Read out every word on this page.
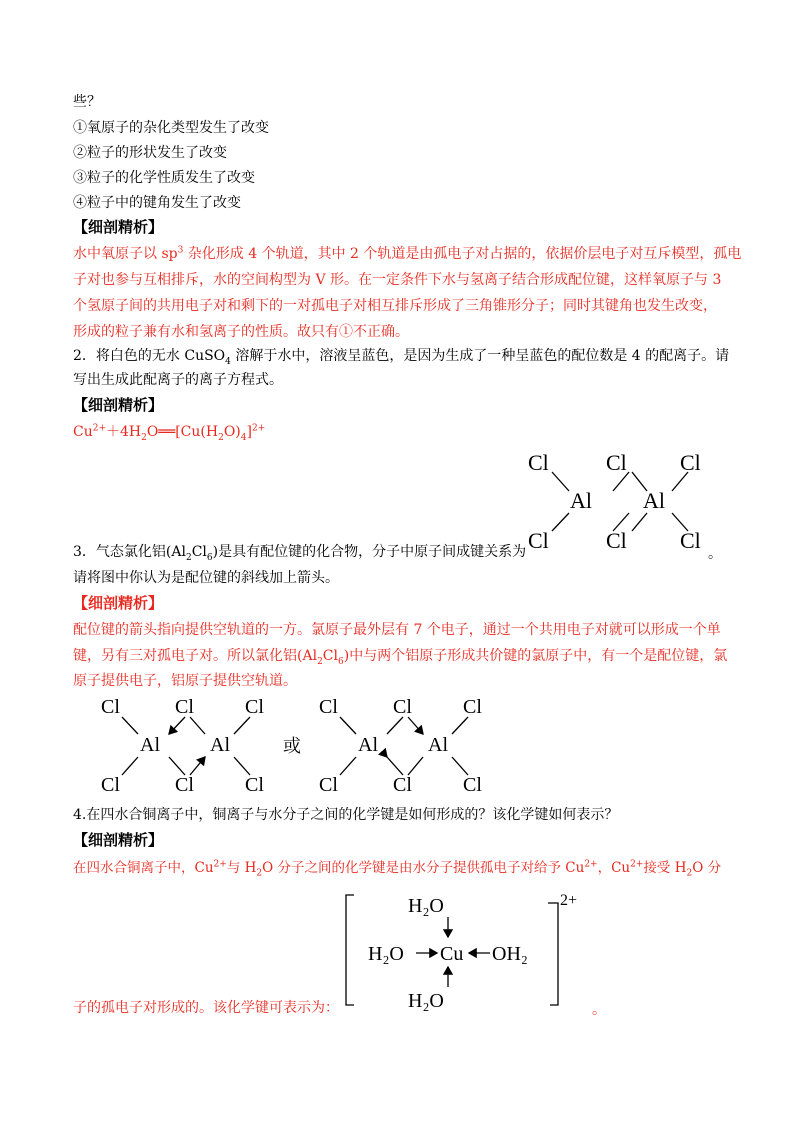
些？
①氧原子的杂化类型发生了改变
②粒子的形状发生了改变
③粒子的化学性质发生了改变
④粒子中的键角发生了改变
【细剖精析】
水中氧原子以 $sp^3$ 杂化形成 4 个轨道，其中 2 个轨道是由孤电子对占据的，依据价层电子对互斥模型，孤电
子对也参与互相排斥，水的空间构型为 V 形。在一定条件下水与氢离子结合形成配位键，这样氧原子与 3
个氢原子间的共用电子对和剩下的一对孤电子对相互排斥形成了三角锥形分子；同时其键角也发生改变，
形成的粒子兼有水和氢离子的性质。故只有①不正确。
2．将白色的无水 CuSO$_4$ 溶解于水中，溶液呈蓝色，是因为生成了一种呈蓝色的配位数是 4 的配离子。请
写出生成此配离子的离子方程式。
【细剖精析】
$Cu^{2+}+4H_2O══[Cu(H_2O)_4]^{2+}$
Cl	Cl Cl
Al Al
Cl	Cl Cl
3．气态氯化铝$(Al_2Cl_6)$是具有配位键的化合物，分子中原子间成键关系为	。
请将图中你认为是配位键的斜线加上箭头。
【细剖精析】
配位键的箭头指向提供空轨道的一方。氯原子最外层有 7 个电子，通过一个共用电子对就可以形成一个单
键，另有三对孤电子对。所以氯化铝$(Al_2Cl_6)$中与两个铝原子形成共价键的氯原子中，有一个是配位键，氯
原子提供电子，铝原子提供空轨道。
Cl	Cl	Cl
Al	Al
Cl	Cl	Cl
或
Cl	Cl	Cl
Al	Al
Cl	Cl	Cl
4.在四水合铜离子中，铜离子与水分子之间的化学键是如何形成的？该化学键如何表示？
【细剖精析】
在四水合铜离子中，$Cu^{2+}$与 $H_2O$ 分子之间的化学键是由水分子提供孤电子对给予 $Cu^{2+}$，$Cu^{2+}$接受 $H_2O$ 分
2+
H₂O
H₂O Cu OH₂
H₂O
子的孤电子对形成的。该化学键可表示为：	。
